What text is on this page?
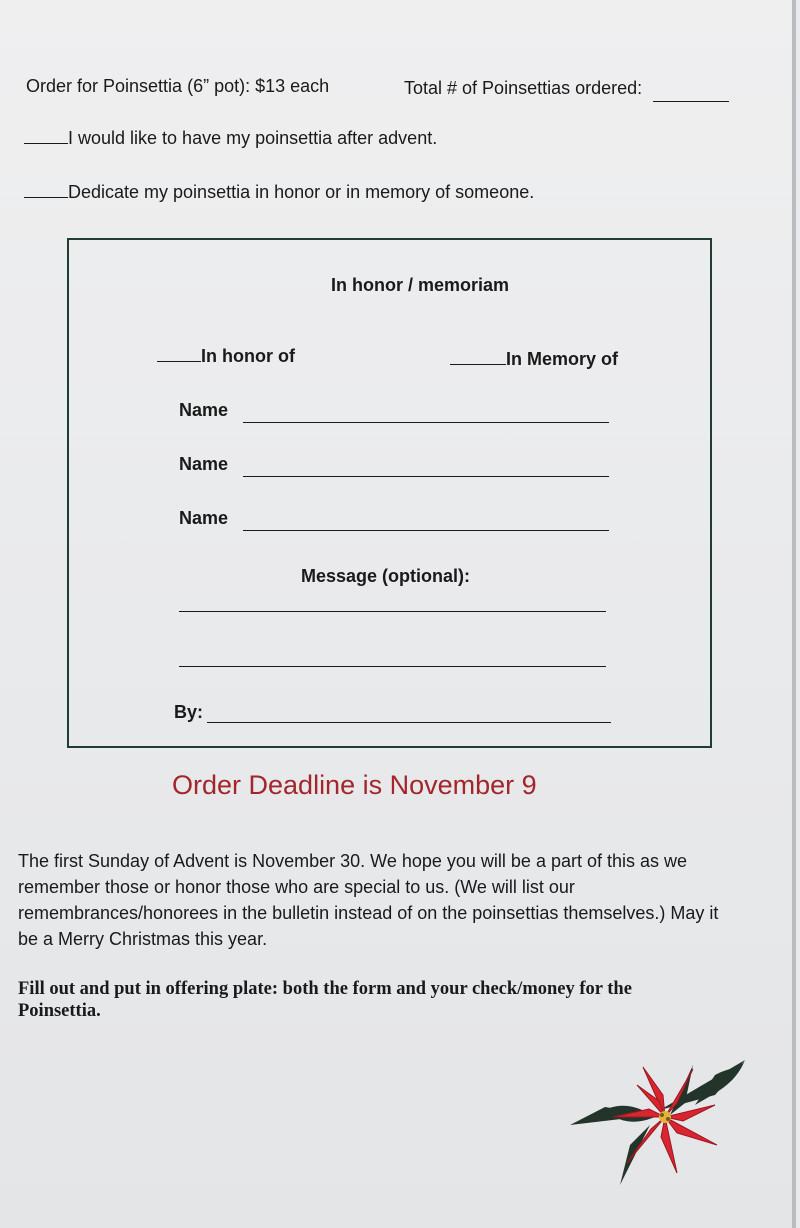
Order for Poinsettia (6” pot): $13 each	Total # of Poinsettias ordered:
I would like to have my poinsettia after advent.
Dedicate my poinsettia in honor or in memory of someone.
In honor / memoriam
In honor of	In Memory of
Name
Name
Name
Message (optional):
By:
Order Deadline is November 9
The first Sunday of Advent is November 30. We hope you will be a part of this as we remember those or honor those who are special to us. (We will list our remembrances/honorees in the bulletin instead of on the poinsettias themselves.) May it be a Merry Christmas this year.
Fill out and put in offering plate: both the form and your check/money for the Poinsettia.
